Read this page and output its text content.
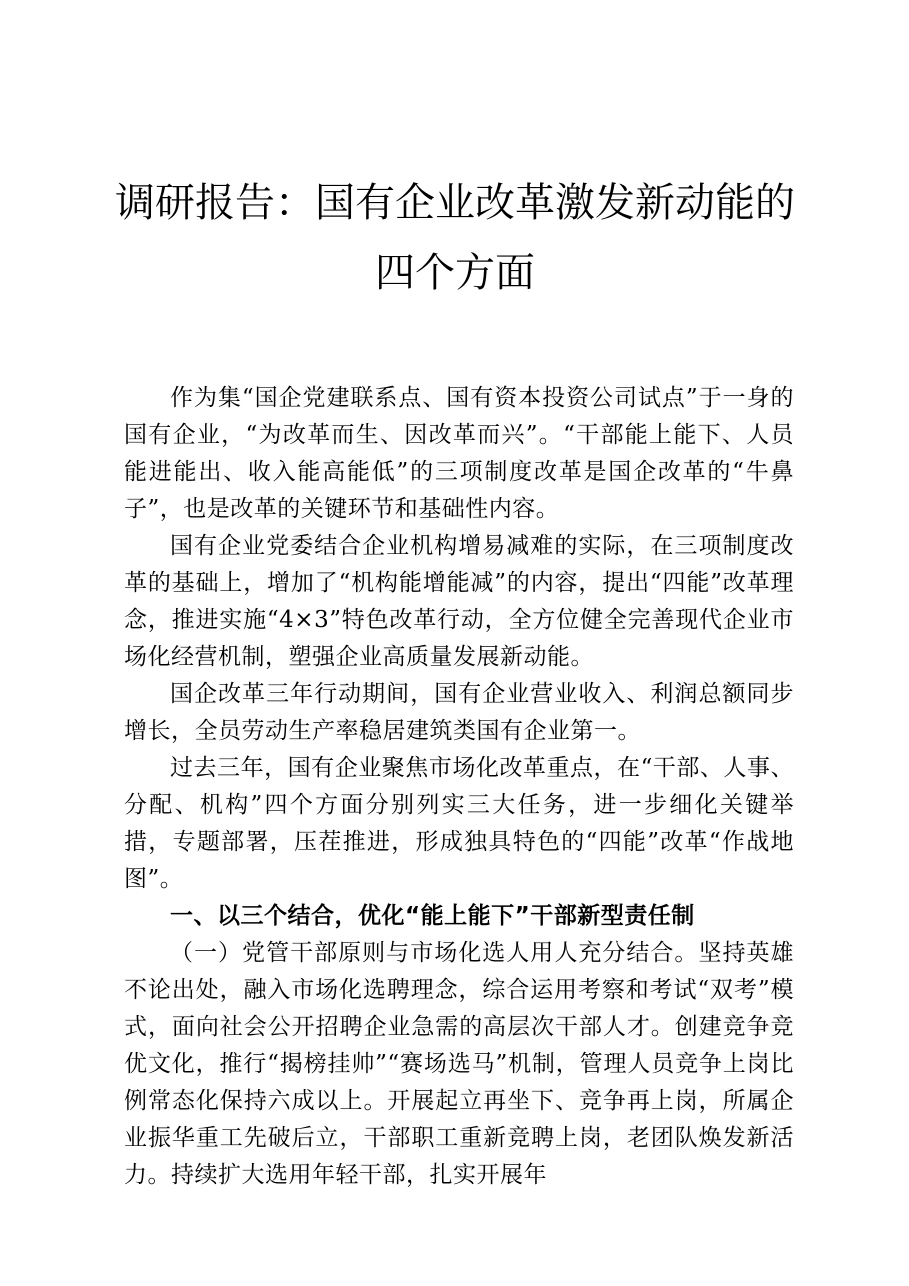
调研报告：国有企业改革激发新动能的四个方面

作为集“国企党建联系点、国有资本投资公司试点”于一身的国有企业，“为改革而生、因改革而兴”。“干部能上能下、人员能进能出、收入能高能低”的三项制度改革是国企改革的“牛鼻子”，也是改革的关键环节和基础性内容。

国有企业党委结合企业机构增易减难的实际，在三项制度改革的基础上，增加了“机构能增能减”的内容，提出“四能”改革理念，推进实施“4×3”特色改革行动，全方位健全完善现代企业市场化经营机制，塑强企业高质量发展新动能。

国企改革三年行动期间，国有企业营业收入、利润总额同步增长，全员劳动生产率稳居建筑类国有企业第一。

过去三年，国有企业聚焦市场化改革重点，在“干部、人事、分配、机构”四个方面分别列实三大任务，进一步细化关键举措，专题部署，压茬推进，形成独具特色的“四能”改革“作战地图”。

一、以三个结合，优化“能上能下”干部新型责任制

（一）党管干部原则与市场化选人用人充分结合。坚持英雄不论出处，融入市场化选聘理念，综合运用考察和考试“双考”模式，面向社会公开招聘企业急需的高层次干部人才。创建竞争竞优文化，推行“揭榜挂帅”“赛场选马”机制，管理人员竞争上岗比例常态化保持六成以上。开展起立再坐下、竞争再上岗，所属企业振华重工先破后立，干部职工重新竞聘上岗，老团队焕发新活力。持续扩大选用年轻干部，扎实开展年
